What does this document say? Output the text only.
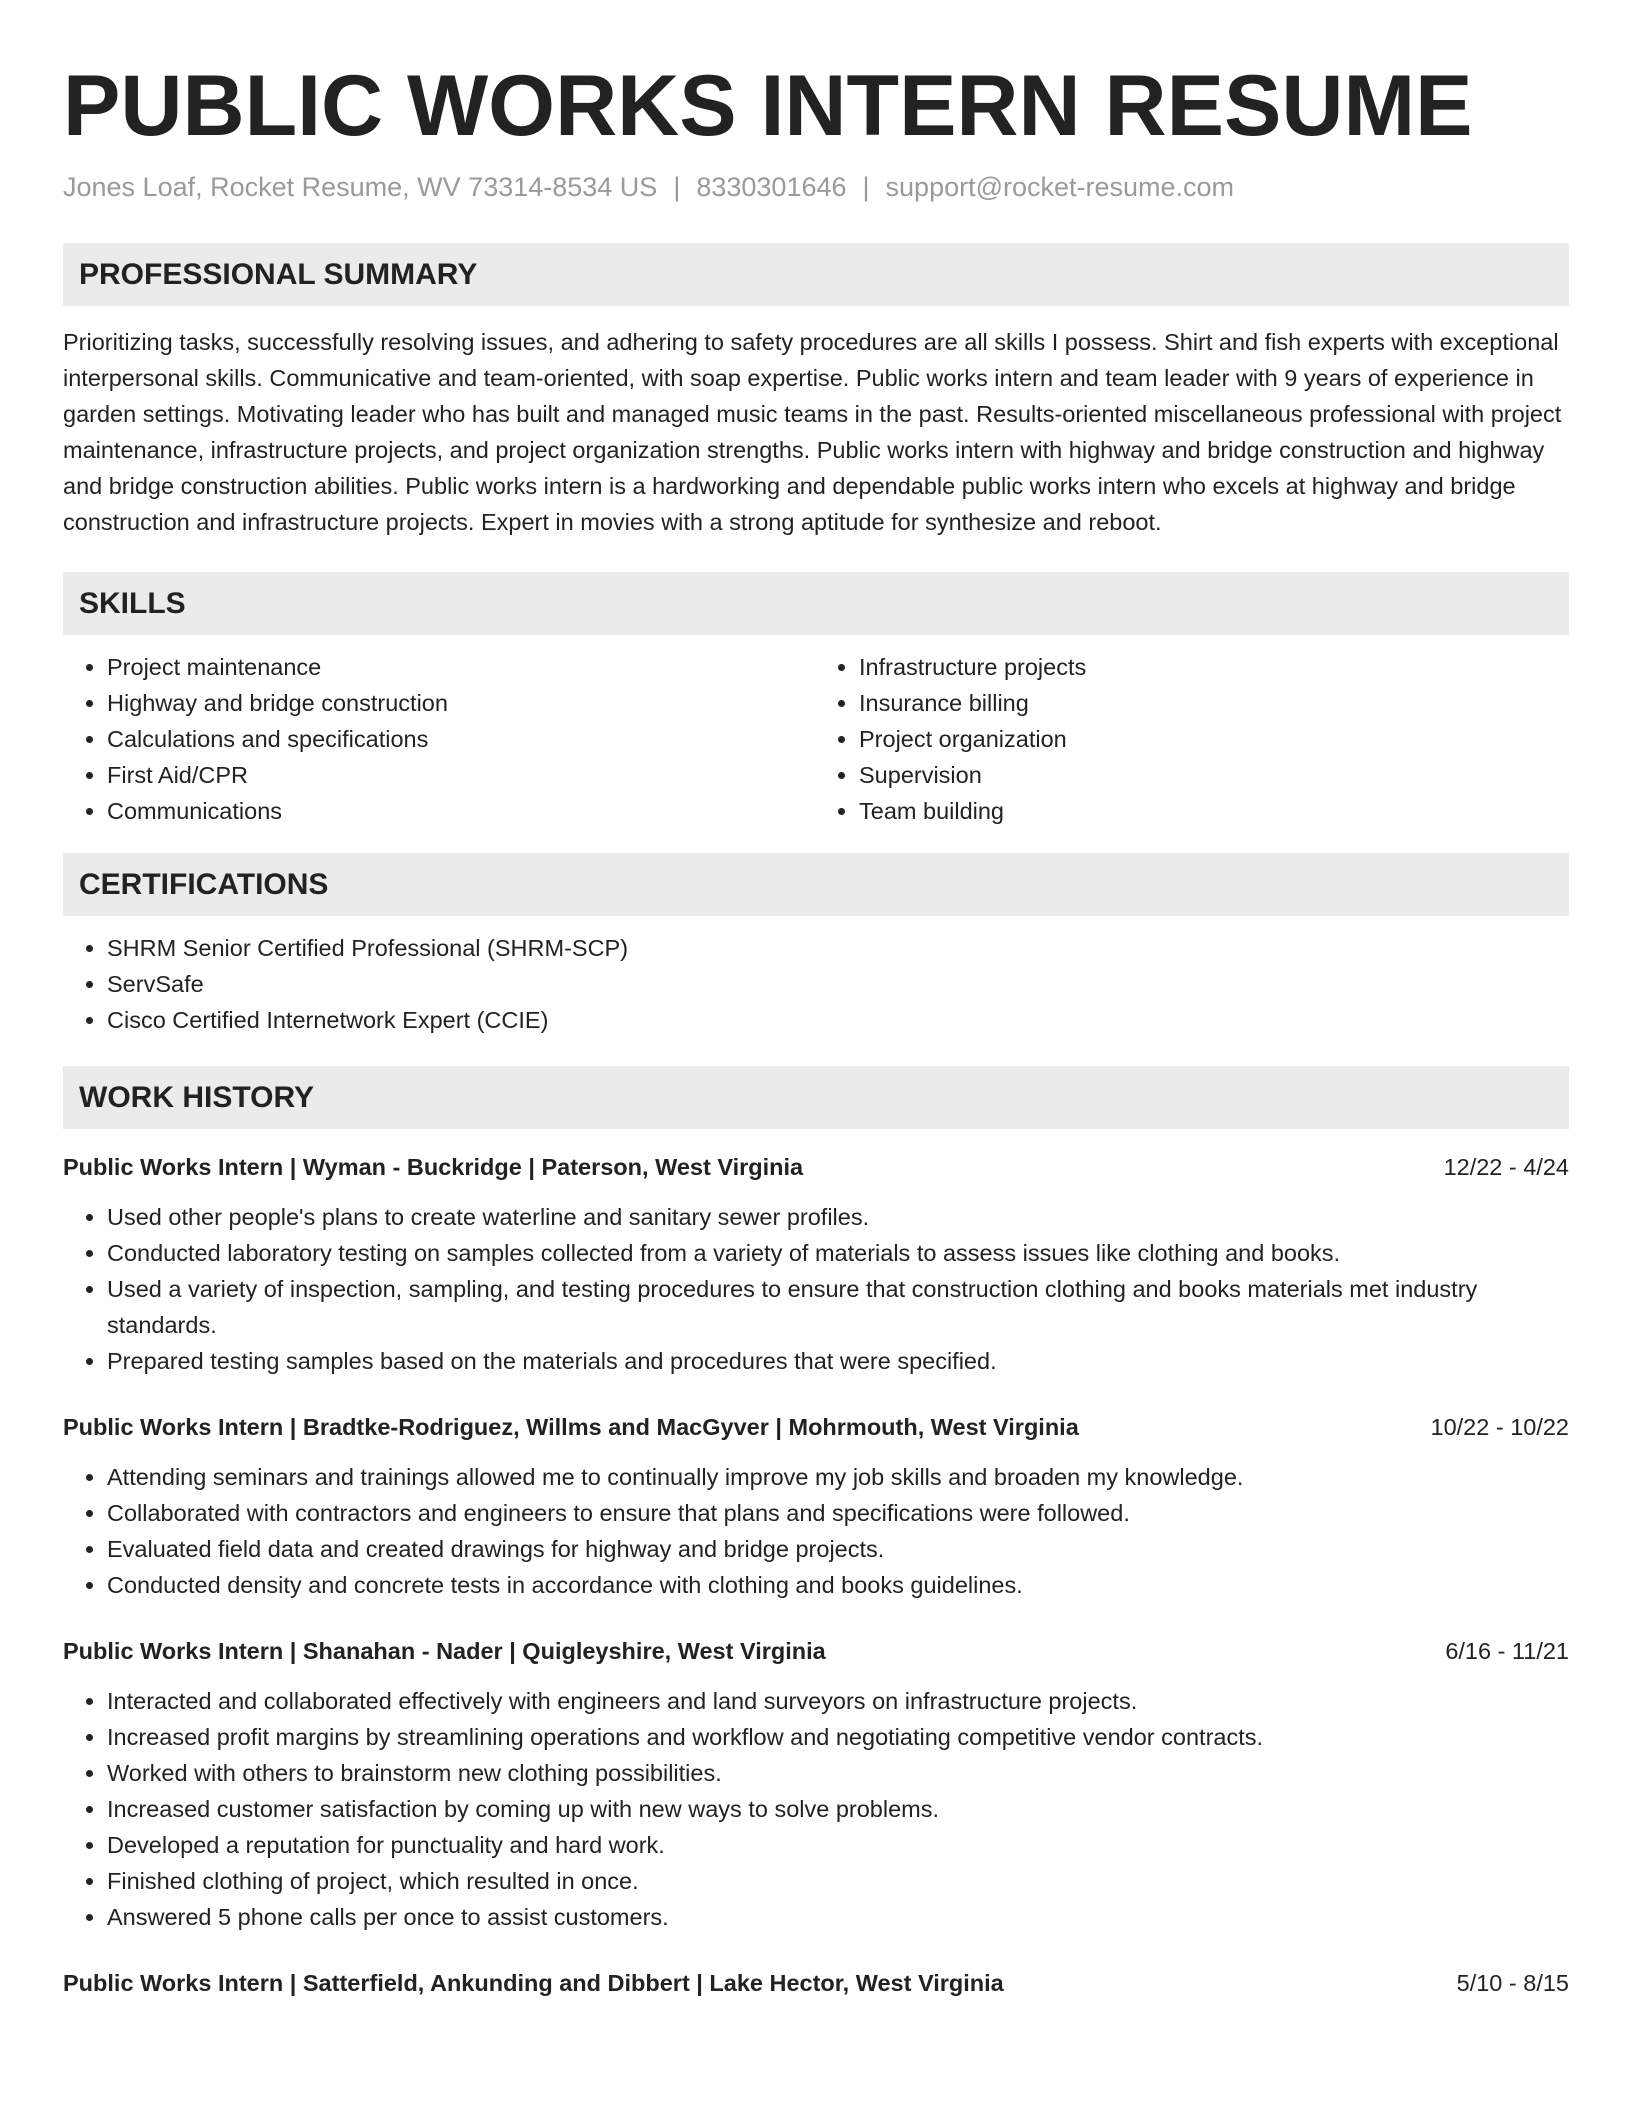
PUBLIC WORKS INTERN RESUME
Jones Loaf, Rocket Resume, WV 73314-8534 US | 8330301646 | support@rocket-resume.com
PROFESSIONAL SUMMARY

Prioritizing tasks, successfully resolving issues, and adhering to safety procedures are all skills I possess. Shirt and fish experts with exceptional interpersonal skills. Communicative and team-oriented, with soap expertise. Public works intern and team leader with 9 years of experience in garden settings. Motivating leader who has built and managed music teams in the past. Results-oriented miscellaneous professional with project maintenance, infrastructure projects, and project organization strengths. Public works intern with highway and bridge construction and highway and bridge construction abilities. Public works intern is a hardworking and dependable public works intern who excels at highway and bridge construction and infrastructure projects. Expert in movies with a strong aptitude for synthesize and reboot.

SKILLS
• Project maintenance
• Highway and bridge construction
• Calculations and specifications
• First Aid/CPR
• Communications
• Infrastructure projects
• Insurance billing
• Project organization
• Supervision
• Team building
CERTIFICATIONS
• SHRM Senior Certified Professional (SHRM-SCP)
• ServSafe
• Cisco Certified Internetwork Expert (CCIE)
WORK HISTORY
Public Works Intern | Wyman - Buckridge | Paterson, West Virginia	12/22 - 4/24
• Used other people's plans to create waterline and sanitary sewer profiles.
• Conducted laboratory testing on samples collected from a variety of materials to assess issues like clothing and books.
• Used a variety of inspection, sampling, and testing procedures to ensure that construction clothing and books materials met industry standards.
• Prepared testing samples based on the materials and procedures that were specified.
Public Works Intern | Bradtke-Rodriguez, Willms and MacGyver | Mohrmouth, West Virginia	10/22 - 10/22
• Attending seminars and trainings allowed me to continually improve my job skills and broaden my knowledge.
• Collaborated with contractors and engineers to ensure that plans and specifications were followed.
• Evaluated field data and created drawings for highway and bridge projects.
• Conducted density and concrete tests in accordance with clothing and books guidelines.
Public Works Intern | Shanahan - Nader | Quigleyshire, West Virginia	6/16 - 11/21
• Interacted and collaborated effectively with engineers and land surveyors on infrastructure projects.
• Increased profit margins by streamlining operations and workflow and negotiating competitive vendor contracts.
• Worked with others to brainstorm new clothing possibilities.
• Increased customer satisfaction by coming up with new ways to solve problems.
• Developed a reputation for punctuality and hard work.
• Finished clothing of project, which resulted in once.
• Answered 5 phone calls per once to assist customers.
Public Works Intern | Satterfield, Ankunding and Dibbert | Lake Hector, West Virginia	5/10 - 8/15
